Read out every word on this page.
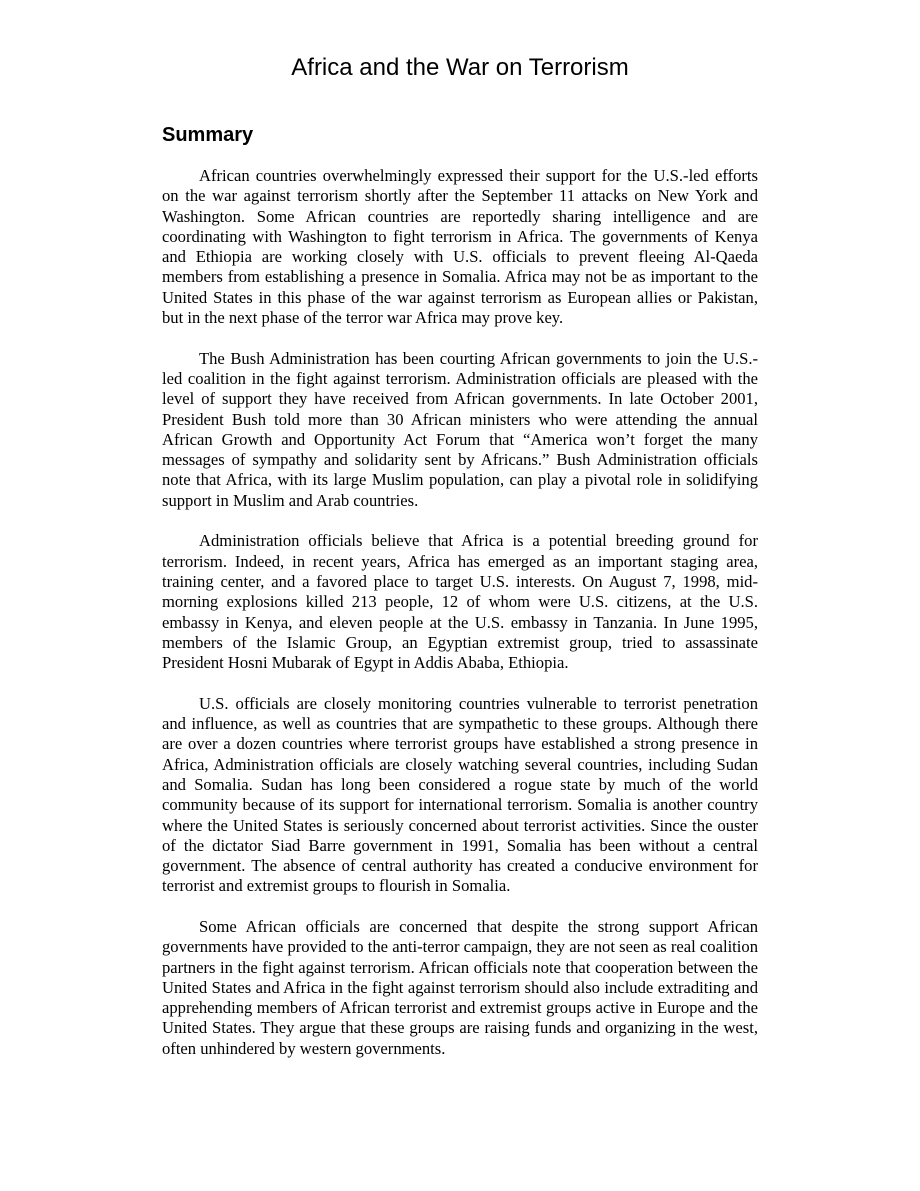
Africa and the War on Terrorism
Summary

African countries overwhelmingly expressed their support for the U.S.-led efforts on the war against terrorism shortly after the September 11 attacks on New York and Washington. Some African countries are reportedly sharing intelligence and are coordinating with Washington to fight terrorism in Africa. The governments of Kenya and Ethiopia are working closely with U.S. officials to prevent fleeing Al-Qaeda members from establishing a presence in Somalia. Africa may not be as important to the United States in this phase of the war against terrorism as European allies or Pakistan, but in the next phase of the terror war Africa may prove key.

The Bush Administration has been courting African governments to join the U.S.-led coalition in the fight against terrorism. Administration officials are pleased with the level of support they have received from African governments. In late October 2001, President Bush told more than 30 African ministers who were attending the annual African Growth and Opportunity Act Forum that “America won’t forget the many messages of sympathy and solidarity sent by Africans.” Bush Administration officials note that Africa, with its large Muslim population, can play a pivotal role in solidifying support in Muslim and Arab countries.

Administration officials believe that Africa is a potential breeding ground for terrorism. Indeed, in recent years, Africa has emerged as an important staging area, training center, and a favored place to target U.S. interests. On August 7, 1998, mid-morning explosions killed 213 people, 12 of whom were U.S. citizens, at the U.S. embassy in Kenya, and eleven people at the U.S. embassy in Tanzania. In June 1995, members of the Islamic Group, an Egyptian extremist group, tried to assassinate President Hosni Mubarak of Egypt in Addis Ababa, Ethiopia.

U.S. officials are closely monitoring countries vulnerable to terrorist penetration and influence, as well as countries that are sympathetic to these groups. Although there are over a dozen countries where terrorist groups have established a strong presence in Africa, Administration officials are closely watching several countries, including Sudan and Somalia. Sudan has long been considered a rogue state by much of the world community because of its support for international terrorism. Somalia is another country where the United States is seriously concerned about terrorist activities. Since the ouster of the dictator Siad Barre government in 1991, Somalia has been without a central government. The absence of central authority has created a conducive environment for terrorist and extremist groups to flourish in Somalia.

Some African officials are concerned that despite the strong support African governments have provided to the anti-terror campaign, they are not seen as real coalition partners in the fight against terrorism. African officials note that cooperation between the United States and Africa in the fight against terrorism should also include extraditing and apprehending members of African terrorist and extremist groups active in Europe and the United States. They argue that these groups are raising funds and organizing in the west, often unhindered by western governments.
